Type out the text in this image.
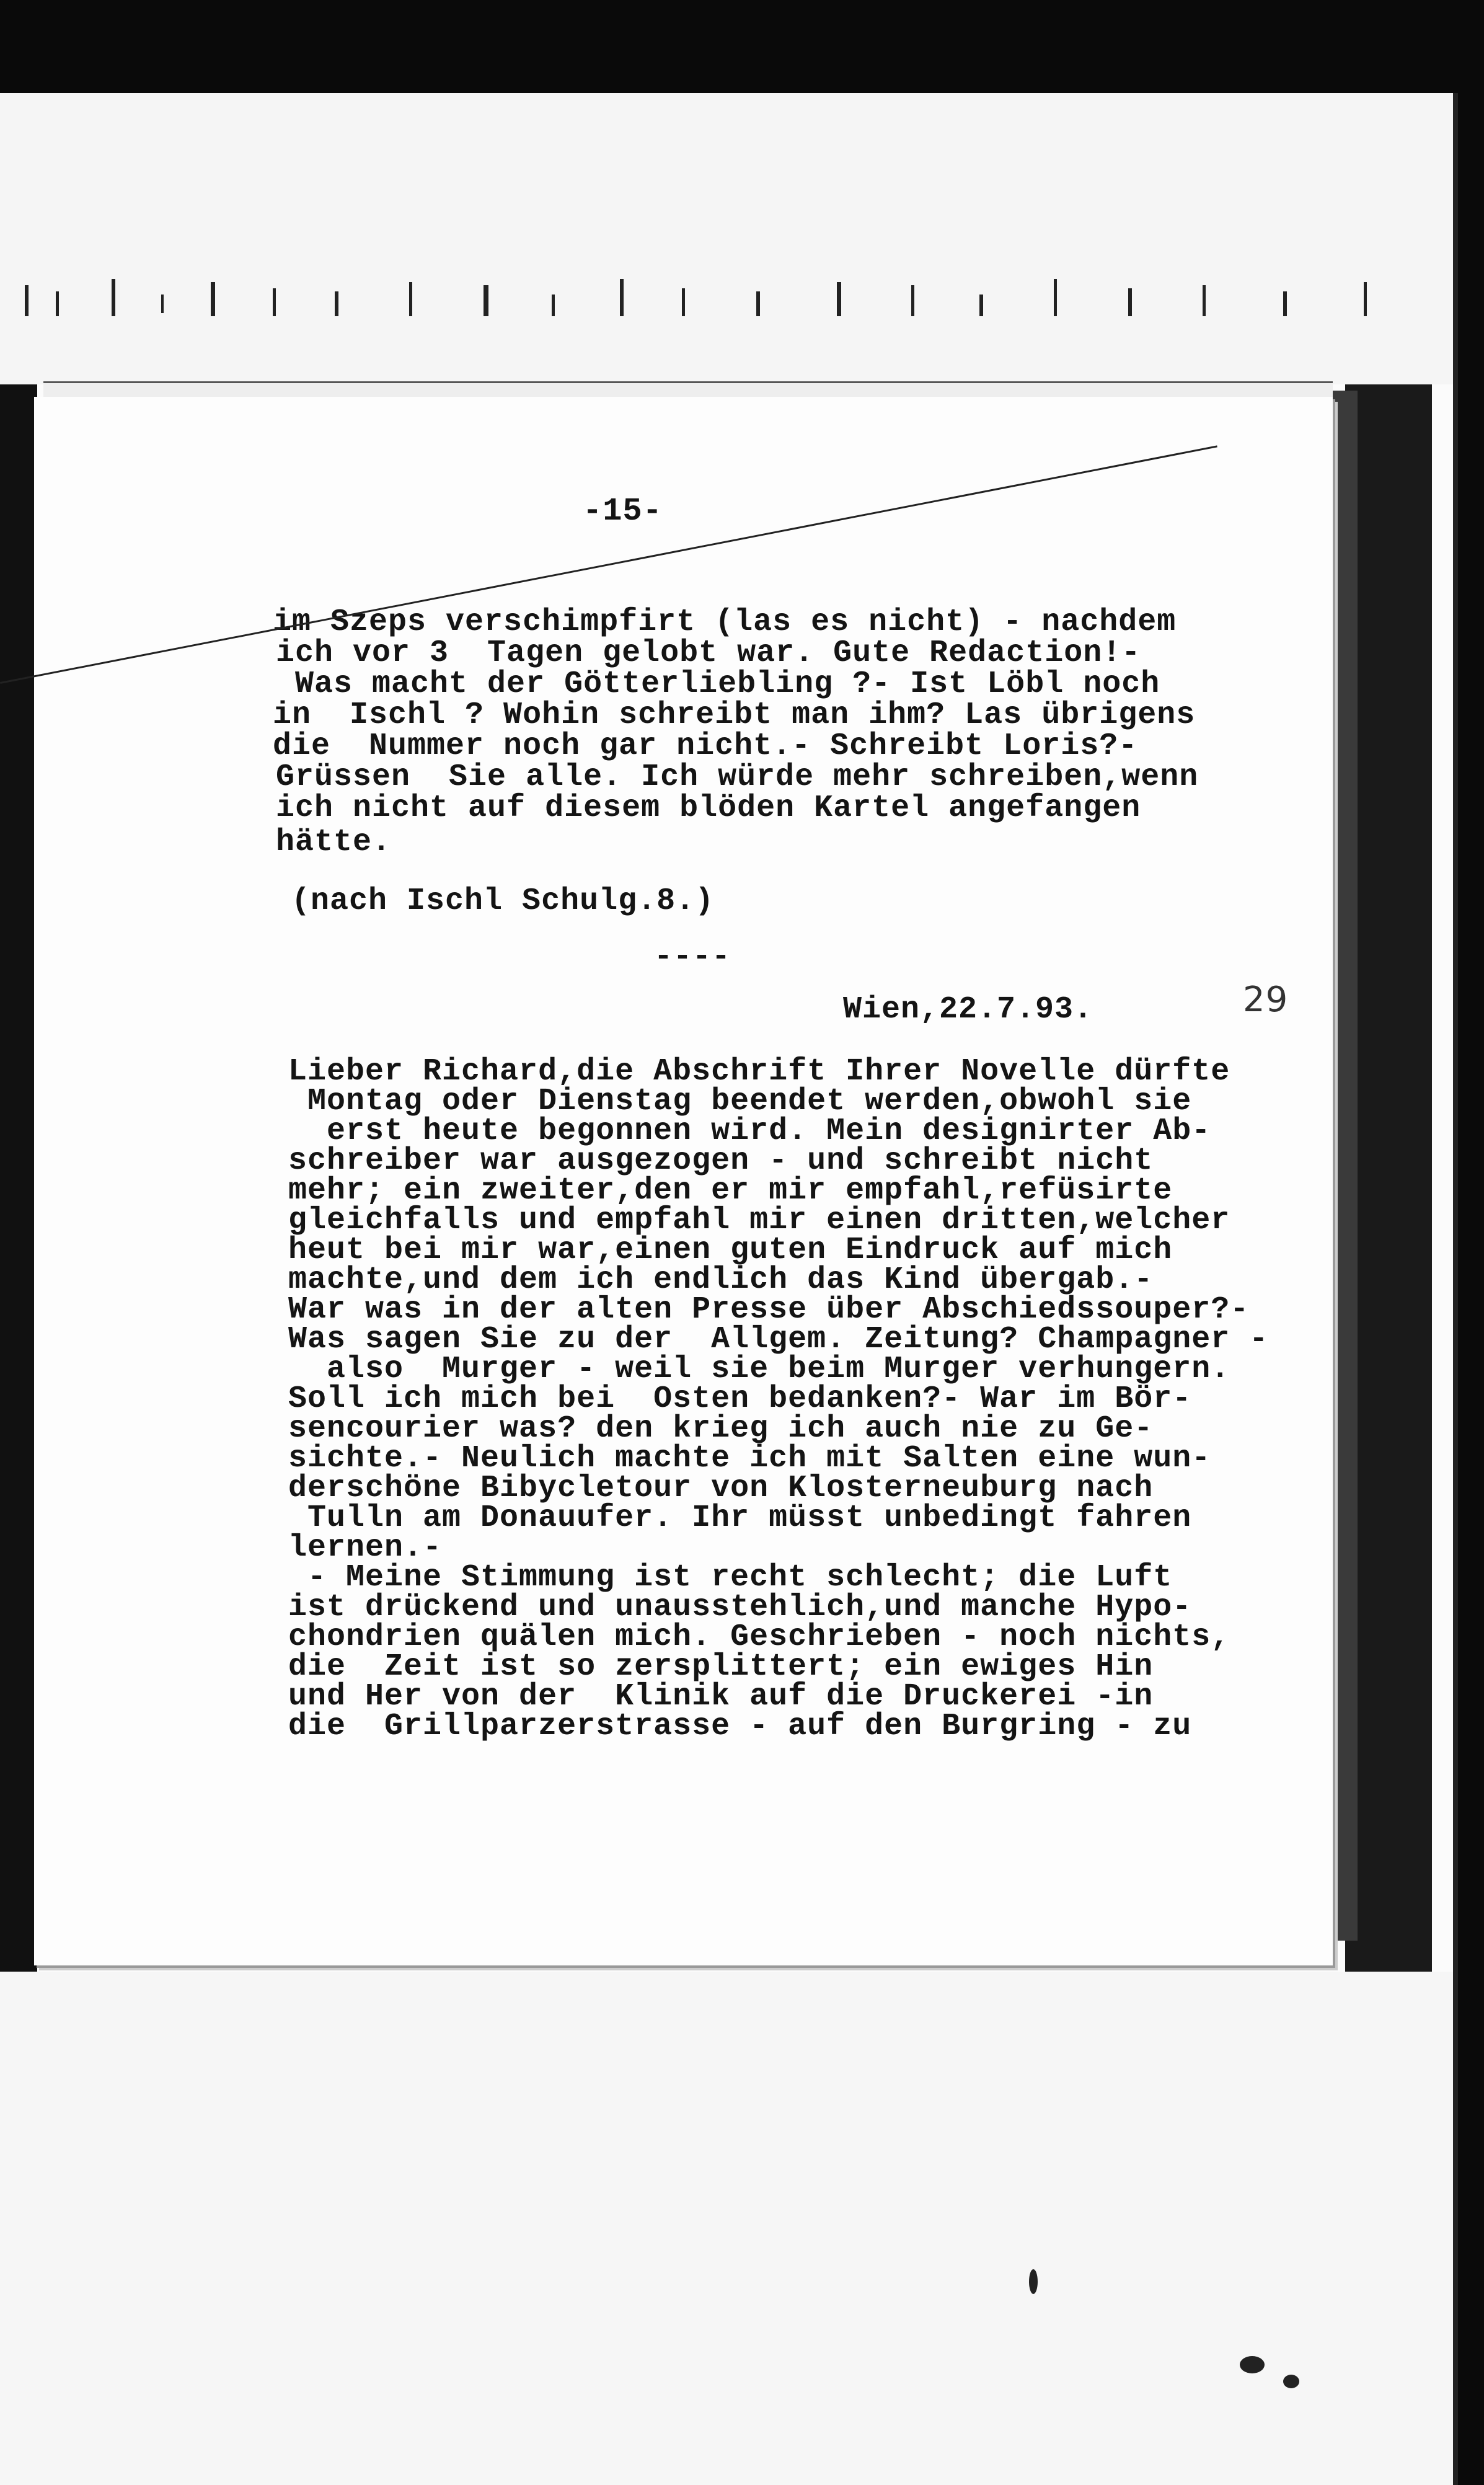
-15-
im Szeps verschimpfirt (las es nicht) - nachdem
ich vor 3  Tagen gelobt war. Gute Redaction!-
Was macht der Götterliebling ?- Ist Löbl noch
in  Ischl ? Wohin schreibt man ihm? Las übrigens
die  Nummer noch gar nicht.- Schreibt Loris?-
Grüssen  Sie alle. Ich würde mehr schreiben,wenn
ich nicht auf diesem blöden Kartel angefangen
hätte.
(nach Ischl Schulg.8.)
----
Wien,22.7.93.	29
Lieber Richard,die Abschrift Ihrer Novelle dürfte
Montag oder Dienstag beendet werden,obwohl sie
erst heute begonnen wird. Mein designirter Ab-
schreiber war ausgezogen - und schreibt nicht
mehr; ein zweiter,den er mir empfahl,refüsirte
gleichfalls und empfahl mir einen dritten,welcher
heut bei mir war,einen guten Eindruck auf mich
machte,und dem ich endlich das Kind übergab.-
War was in der alten Presse über Abschiedssouper?-
Was sagen Sie zu der  Allgem. Zeitung? Champagner -
also  Murger - weil sie beim Murger verhungern.
Soll ich mich bei  Osten bedanken?- War im Bör-
sencourier was? den krieg ich auch nie zu Ge-
sichte.- Neulich machte ich mit Salten eine wun-
derschöne Bibycletour von Klosterneuburg nach
Tulln am Donauufer. Ihr müsst unbedingt fahren
lernen.-
- Meine Stimmung ist recht schlecht; die Luft
ist drückend und unausstehlich,und manche Hypo-
chondrien quälen mich. Geschrieben - noch nichts,
die  Zeit ist so zersplittert; ein ewiges Hin
und Her von der  Klinik auf die Druckerei -in
die  Grillparzerstrasse - auf den Burgring - zu
